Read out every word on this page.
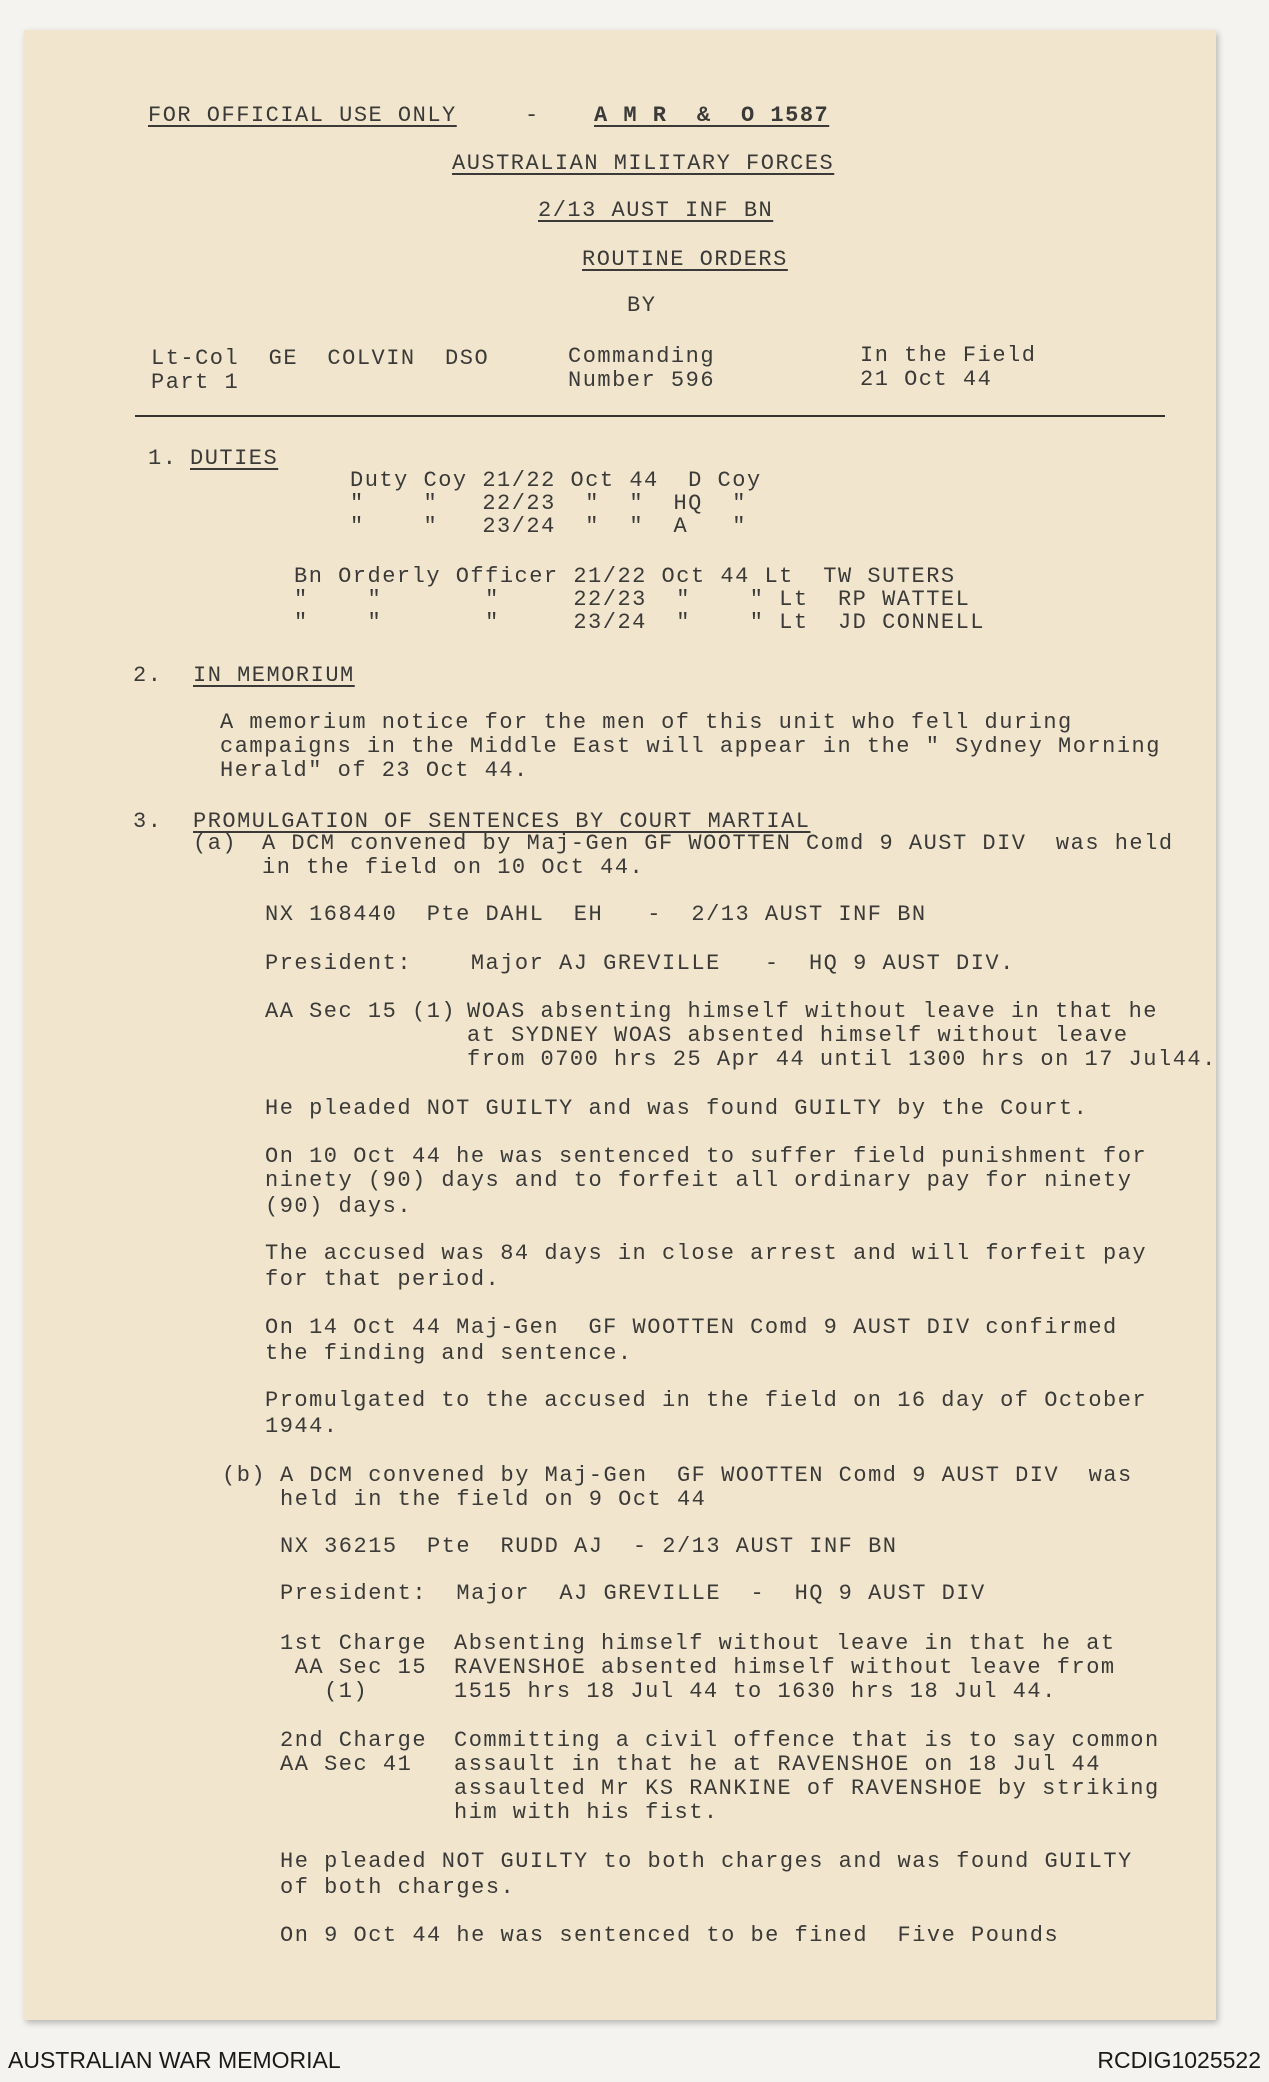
FOR OFFICIAL USE ONLY	- A M R  &  O 1587
AUSTRALIAN MILITARY FORCES
2/13 AUST INF BN
ROUTINE ORDERS
BY
Lt-Col  GE  COLVIN  DSO
Part 1
Commanding
Number 596
In the Field
21 Oct 44
1. DUTIES
Duty Coy 21/22 Oct 44  D Coy
"    "   22/23  "  "  HQ  "
"    "   23/24  "  "  A   "
Bn Orderly Officer 21/22 Oct 44 Lt  TW SUTERS
"    "       "     22/23  "    " Lt  RP WATTEL
"    "       "     23/24  "    " Lt  JD CONNELL
2. IN MEMORIUM
A memorium notice for the men of this unit who fell during
campaigns in the Middle East will appear in the " Sydney Morning
Herald" of 23 Oct 44.
3. PROMULGATION OF SENTENCES BY COURT MARTIAL
(a) A DCM convened by Maj-Gen GF WOOTTEN Comd 9 AUST DIV  was held
in the field on 10 Oct 44.
NX 168440  Pte DAHL  EH   -  2/13 AUST INF BN
President:    Major AJ GREVILLE   -  HQ 9 AUST DIV.
AA Sec 15 (1) WOAS absenting himself without leave in that he
at SYDNEY WOAS absented himself without leave
from 0700 hrs 25 Apr 44 until 1300 hrs on 17 Jul44.
He pleaded NOT GUILTY and was found GUILTY by the Court.
On 10 Oct 44 he was sentenced to suffer field punishment for
ninety (90) days and to forfeit all ordinary pay for ninety
(90) days.
The accused was 84 days in close arrest and will forfeit pay
for that period.
On 14 Oct 44 Maj-Gen  GF WOOTTEN Comd 9 AUST DIV confirmed
the finding and sentence.
Promulgated to the accused in the field on 16 day of October
1944.
(b) A DCM convened by Maj-Gen  GF WOOTTEN Comd 9 AUST DIV  was
held in the field on 9 Oct 44
NX 36215  Pte  RUDD AJ  - 2/13 AUST INF BN
President:  Major  AJ GREVILLE  -  HQ 9 AUST DIV
1st Charge
AA Sec 15
(1)
Absenting himself without leave in that he at
RAVENSHOE absented himself without leave from
1515 hrs 18 Jul 44 to 1630 hrs 18 Jul 44.
2nd Charge
AA Sec 41
Committing a civil offence that is to say common
assault in that he at RAVENSHOE on 18 Jul 44
assaulted Mr KS RANKINE of RAVENSHOE by striking
him with his fist.
He pleaded NOT GUILTY to both charges and was found GUILTY
of both charges.
On 9 Oct 44 he was sentenced to be fined  Five Pounds
AUSTRALIAN WAR MEMORIAL	RCDIG1025522
